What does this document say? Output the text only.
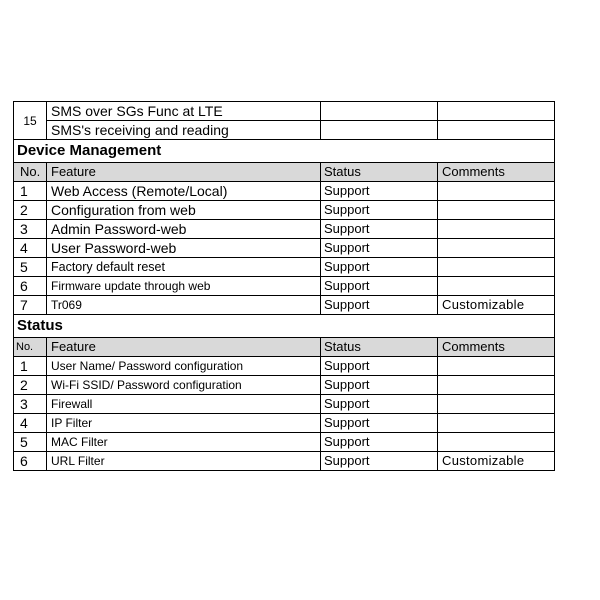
15	SMS over SGs Func at LTE		
	SMS's receiving and reading		
Device Management			
No.	Feature	Status	Comments
1	Web Access (Remote/Local)	Support	
2	Configuration from web	Support	
3	Admin Password-web	Support	
4	User Password-web	Support	
5	Factory default reset	Support	
6	Firmware update through web	Support	
7	Tr069	Support	Customizable
Status			
No.	Feature	Status	Comments
1	User Name/ Password configuration	Support	
2	Wi-Fi SSID/ Password configuration	Support	
3	Firewall	Support	
4	IP Filter	Support	
5	MAC Filter	Support	
6	URL Filter	Support	Customizable
